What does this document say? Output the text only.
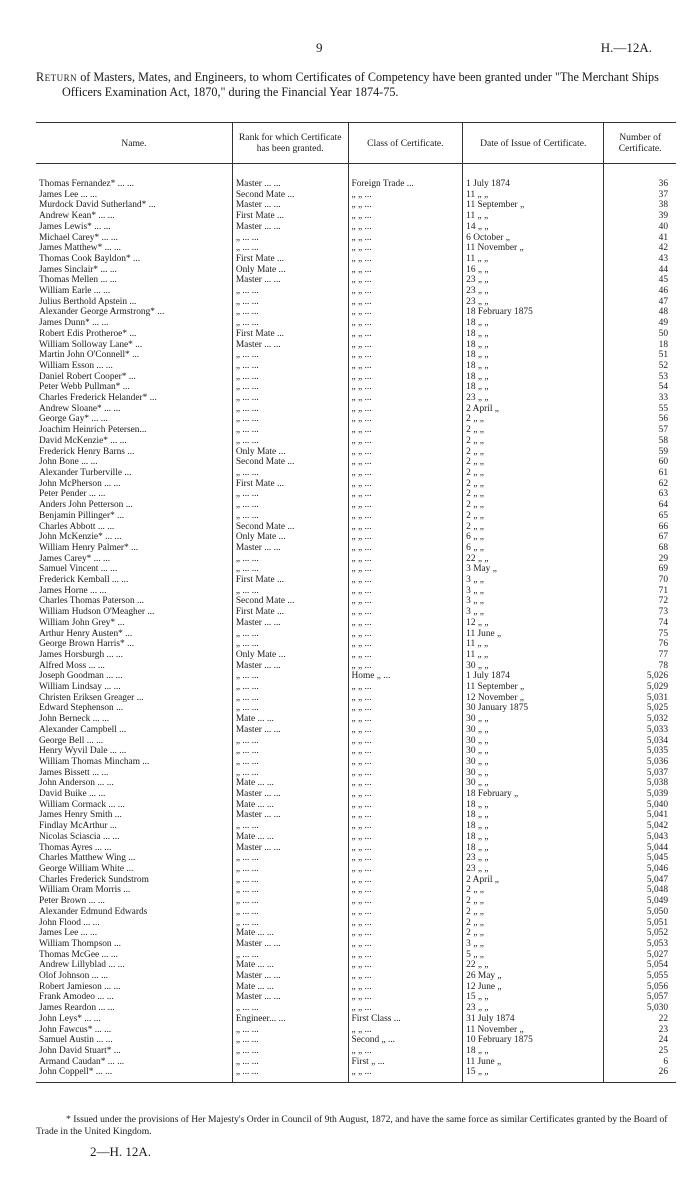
9	H.—12A.
Return of Masters, Mates, and Engineers, to whom Certificates of Competency have been granted under "The Merchant Ships Officers Examination Act, 1870," during the Financial Year 1874-75.
Name.	Rank for which Certificate has been granted.	Class of Certificate.	Date of Issue of Certificate.	Number of Certificate.

Thomas Fernandez* ... ...	Master ... ...	Foreign Trade ...	1 July 1874	36
James Lee ... ...	Second Mate ...	„ „ ...	11 „ „	37
Murdock David Sutherland* ...	Master ... ...	„ „ ...	11 September „	38
Andrew Kean* ... ...	First Mate ...	„ „ ...	11 „ „	39
James Lewis* ... ...	Master ... ...	„ „ ...	14 „ „	40
Michael Carey* ... ...	„ ... ...	„ „ ...	6 October „	41
James Matthew* ... ...	„ ... ...	„ „ ...	11 November „	42
Thomas Cook Bayldon* ...	First Mate ...	„ „ ...	11 „ „	43
James Sinclair* ... ...	Only Mate ...	„ „ ...	16 „ „	44
Thomas Mellen ... ...	Master ... ...	„ „ ...	23 „ „	45
William Earle ... ...	„ ... ...	„ „ ...	23 „ „	46
Julius Berthold Apstein ...	„ ... ...	„ „ ...	23 „ „	47
Alexander George Armstrong* ...	„ ... ...	„ „ ...	18 February 1875	48
James Dunn* ... ...	„ ... ...	„ „ ...	18 „ „	49
Robert Edis Protheroe* ...	First Mate ...	„ „ ...	18 „ „	50
William Solloway Lane* ...	Master ... ...	„ „ ...	18 „ „	18
Martin John O'Connell* ...	„ ... ...	„ „ ...	18 „ „	51
William Esson ... ...	„ ... ...	„ „ ...	18 „ „	52
Daniel Robert Cooper* ...	„ ... ...	„ „ ...	18 „ „	53
Peter Webb Pullman* ...	„ ... ...	„ „ ...	18 „ „	54
Charles Frederick Helander* ...	„ ... ...	„ „ ...	23 „ „	33
Andrew Sloane* ... ...	„ ... ...	„ „ ...	2 April „	55
George Gay* ... ...	„ ... ...	„ „ ...	2 „ „	56
Joachim Heinrich Petersen...	„ ... ...	„ „ ...	2 „ „	57
David McKenzie* ... ...	„ ... ...	„ „ ...	2 „ „	58
Frederick Henry Barns ...	Only Mate ...	„ „ ...	2 „ „	59
John Bone ... ...	Second Mate ...	„ „ ...	2 „ „	60
Alexander Turberville ...	„ ... ...	„ „ ...	2 „ „	61
John McPherson ... ...	First Mate ...	„ „ ...	2 „ „	62
Peter Pender ... ...	„ ... ...	„ „ ...	2 „ „	63
Anders John Petterson ...	„ ... ...	„ „ ...	2 „ „	64
Benjamin Pillinger* ...	„ ... ...	„ „ ...	2 „ „	65
Charles Abbott ... ...	Second Mate ...	„ „ ...	2 „ „	66
John McKenzie* ... ...	Only Mate ...	„ „ ...	6 „ „	67
William Henry Palmer* ...	Master ... ...	„ „ ...	6 „ „	68
James Carey* ... ...	„ ... ...	„ „ ...	22 „ „	29
Samuel Vincent ... ...	„ ... ...	„ „ ...	3 May „	69
Frederick Kemball ... ...	First Mate ...	„ „ ...	3 „ „	70
James Horne ... ...	„ ... ...	„ „ ...	3 „ „	71
Charles Thomas Paterson ...	Second Mate ...	„ „ ...	3 „ „	72
William Hudson O'Meagher ...	First Mate ...	„ „ ...	3 „ „	73
William John Grey* ...	Master ... ...	„ „ ...	12 „ „	74
Arthur Henry Austen* ...	„ ... ...	„ „ ...	11 June „	75
George Brown Harris* ...	„ ... ...	„ „ ...	11 „ „	76
James Horsburgh ... ...	Only Mate ...	„ „ ...	11 „ „	77
Alfred Moss ... ...	Master ... ...	„ „ ...	30 „ „	78
Joseph Goodman ... ...	„ ... ...	Home „ ...	1 July 1874	5,026
William Lindsay ... ...	„ ... ...	„ „ ...	11 September „	5,029
Christen Eriksen Greager ...	„ ... ...	„ „ ...	12 November „	5,031
Edward Stephenson ...	„ ... ...	„ „ ...	30 January 1875	5,025
John Berneck ... ...	Mate ... ...	„ „ ...	30 „ „	5,032
Alexander Campbell ...	Master ... ...	„ „ ...	30 „ „	5,033
George Bell ... ...	„ ... ...	„ „ ...	30 „ „	5,034
Henry Wyvil Dale ... ...	„ ... ...	„ „ ...	30 „ „	5,035
William Thomas Mincham ...	„ ... ...	„ „ ...	30 „ „	5,036
James Bissett ... ...	„ ... ...	„ „ ...	30 „ „	5,037
John Anderson ... ...	Mate ... ...	„ „ ...	30 „ „	5,038
David Buike ... ...	Master ... ...	„ „ ...	18 February „	5,039
William Cormack ... ...	Mate ... ...	„ „ ...	18 „ „	5,040
James Henry Smith ...	Master ... ...	„ „ ...	18 „ „	5,041
Findlay McArthur ...	„ ... ...	„ „ ...	18 „ „	5,042
Nicolas Sciascia ... ...	Mate ... ...	„ „ ...	18 „ „	5,043
Thomas Ayres ... ...	Master ... ...	„ „ ...	18 „ „	5,044
Charles Matthew Wing ...	„ ... ...	„ „ ...	23 „ „	5,045
George William White ...	„ ... ...	„ „ ...	23 „ „	5,046
Charles Frederick Sundstrom	„ ... ...	„ „ ...	2 April „	5,047
William Oram Morris ...	„ ... ...	„ „ ...	2 „ „	5,048
Peter Brown ... ...	„ ... ...	„ „ ...	2 „ „	5,049
Alexander Edmund Edwards	„ ... ...	„ „ ...	2 „ „	5,050
John Flood ... ...	„ ... ...	„ „ ...	2 „ „	5,051
James Lee ... ...	Mate ... ...	„ „ ...	2 „ „	5,052
William Thompson ...	Master ... ...	„ „ ...	3 „ „	5,053
Thomas McGee ... ...	„ ... ...	„ „ ...	5 „ „	5,027
Andrew Lillyblad ... ...	Mate ... ...	„ „ ...	22 „ „	5,054
Olof Johnson ... ...	Master ... ...	„ „ ...	26 May „	5,055
Robert Jamieson ... ...	Mate ... ...	„ „ ...	12 June „	5,056
Frank Amodeo ... ...	Master ... ...	„ „ ...	15 „ „	5,057
James Reardon ... ...	„ ... ...	„ „ ...	23 „ „	5,030
John Leys* ... ...	Engineer... ...	First Class ...	31 July 1874	22
John Fawcus* ... ...	„ ... ...	„ „ ...	11 November „	23
Samuel Austin ... ...	„ ... ...	Second „ ...	10 February 1875	24
John David Stuart* ...	„ ... ...	„ „ ...	18 „ „	25
Armand Caudan* ... ...	„ ... ...	First „ ...	11 June „	6
John Coppell* ... ...	„ ... ...	„ „ ...	15 „ „	26
* Issued under the provisions of Her Majesty's Order in Council of 9th August, 1872, and have the same force as similar Certificates granted by the Board of Trade in the United Kingdom.
2—H. 12A.
